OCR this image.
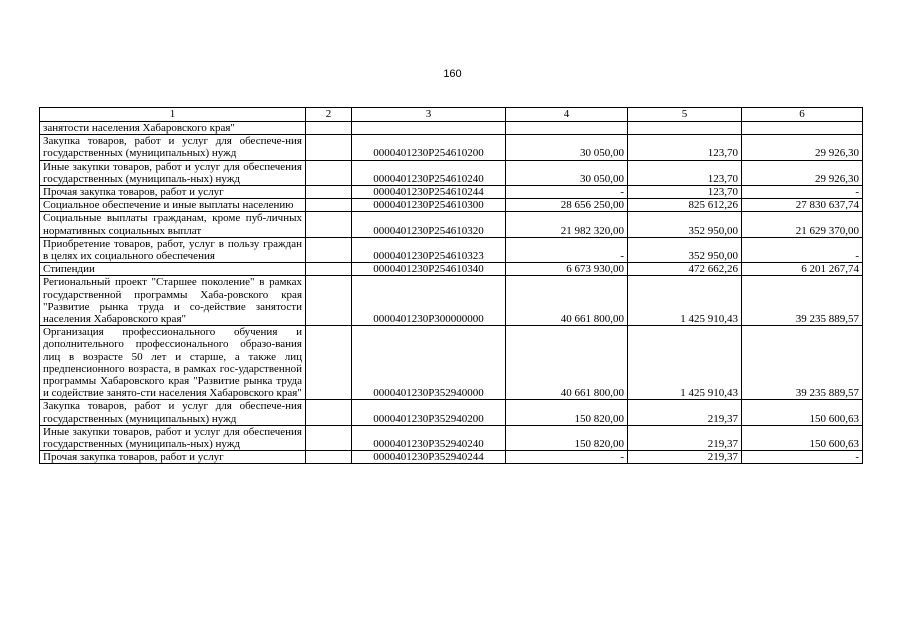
160
1	2	3	4	5	6
занятости населения Хабаровского края"					
Закупка товаров, работ и услуг для обеспече-ния государственных (муниципальных) нужд		0000401230P254610200	30 050,00	123,70	29 926,30
Иные закупки товаров, работ и услуг для обеспечения государственных (муниципаль-ных) нужд		0000401230P254610240	30 050,00	123,70	29 926,30
Прочая закупка товаров, работ и услуг		0000401230P254610244	-	123,70	-
Социальное обеспечение и иные выплаты населению		0000401230P254610300	28 656 250,00	825 612,26	27 830 637,74
Социальные выплаты гражданам, кроме пуб-личных нормативных социальных выплат		0000401230P254610320	21 982 320,00	352 950,00	21 629 370,00
Приобретение товаров, работ, услуг в пользу граждан в целях их социального обеспечения		0000401230P254610323	-	352 950,00	-
Стипендии		0000401230P254610340	6 673 930,00	472 662,26	6 201 267,74
Региональный проект "Старшее поколение" в рамках государственной программы Хаба-ровского края "Развитие рынка труда и со-действие занятости населения Хабаровского края"		0000401230P300000000	40 661 800,00	1 425 910,43	39 235 889,57
Организация профессионального обучения и дополнительного профессионального образо-вания лиц в возрасте 50 лет и старше, а также лиц предпенсионного возраста, в рамках гос-ударственной программы Хабаровского края "Развитие рынка труда и содействие занято-сти населения Хабаровского края"		0000401230P352940000	40 661 800,00	1 425 910,43	39 235 889,57
Закупка товаров, работ и услуг для обеспече-ния государственных (муниципальных) нужд		0000401230P352940200	150 820,00	219,37	150 600,63
Иные закупки товаров, работ и услуг для обеспечения государственных (муниципаль-ных) нужд		0000401230P352940240	150 820,00	219,37	150 600,63
Прочая закупка товаров, работ и услуг		0000401230P352940244	-	219,37	-
